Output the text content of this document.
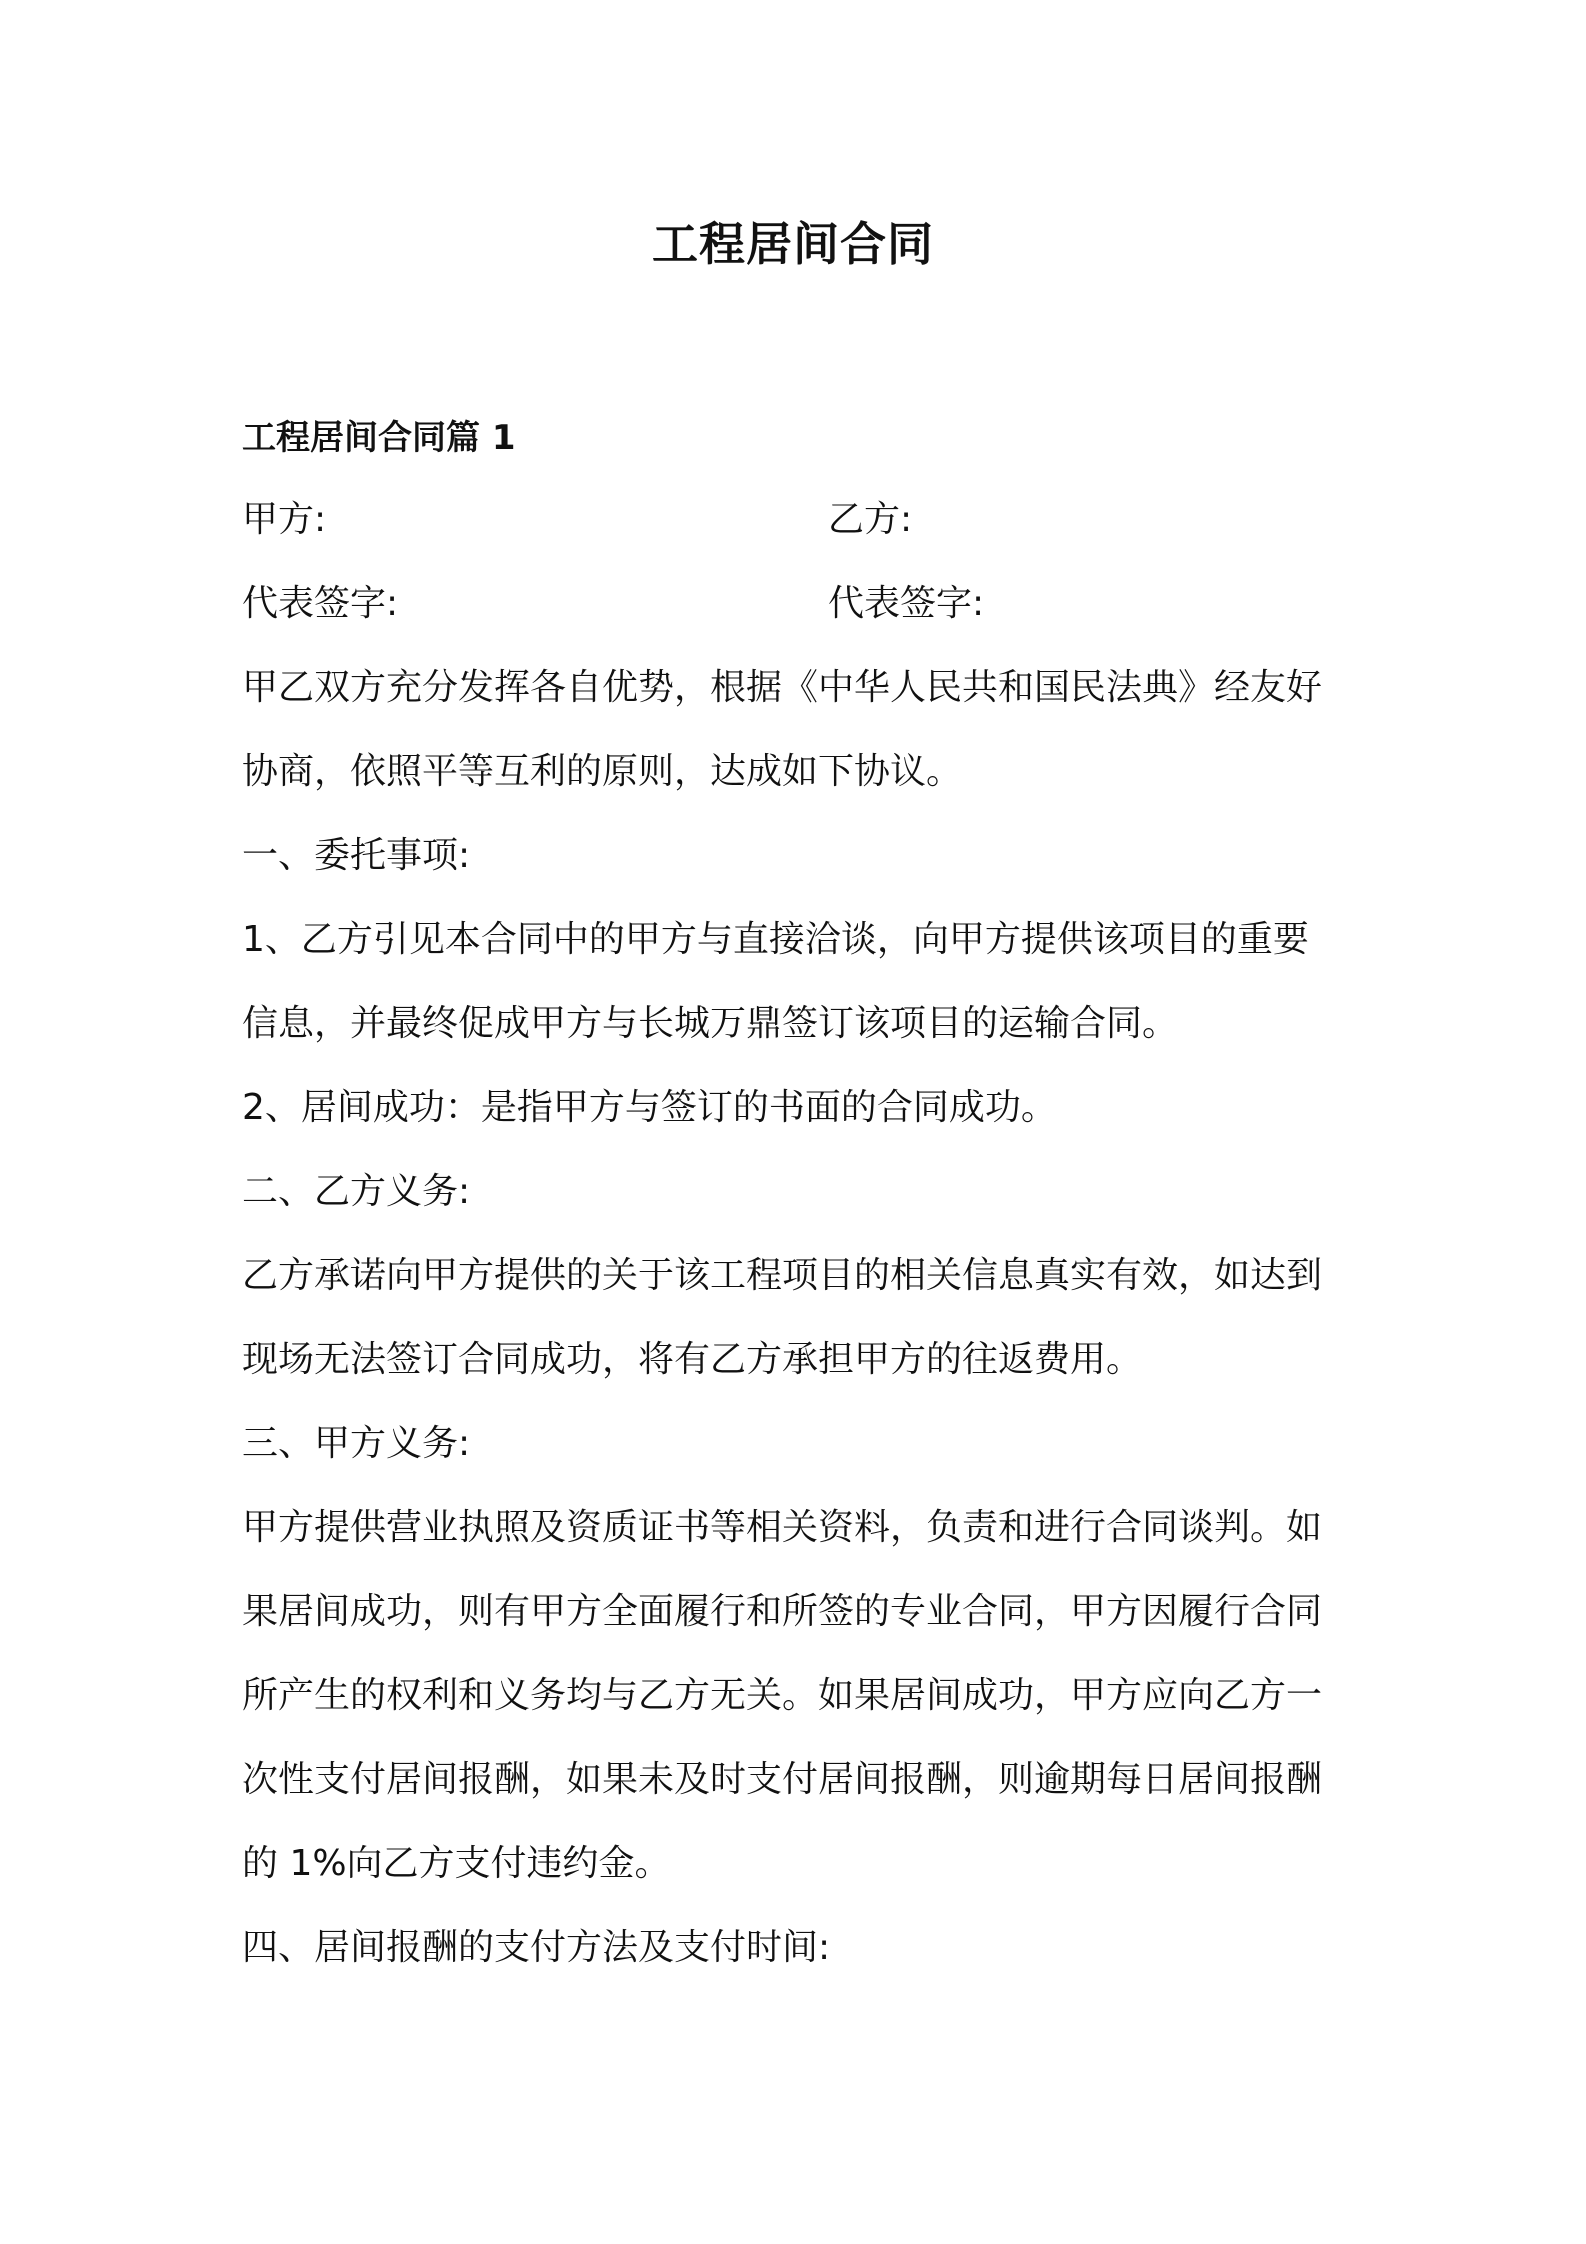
工程居间合同
工程居间合同篇 1
甲方:	乙方:
代表签字:	代表签字:
甲乙双方充分发挥各自优势，根据《中华人民共和国民法典》经友好
协商，依照平等互利的原则，达成如下协议。
一、委托事项:
1、乙方引见本合同中的甲方与直接洽谈，向甲方提供该项目的重要
信息，并最终促成甲方与长城万鼎签订该项目的运输合同。
2、居间成功：是指甲方与签订的书面的合同成功。
二、乙方义务:
乙方承诺向甲方提供的关于该工程项目的相关信息真实有效，如达到
现场无法签订合同成功，将有乙方承担甲方的往返费用。
三、甲方义务:
甲方提供营业执照及资质证书等相关资料，负责和进行合同谈判。如
果居间成功，则有甲方全面履行和所签的专业合同，甲方因履行合同
所产生的权利和义务均与乙方无关。如果居间成功，甲方应向乙方一
次性支付居间报酬，如果未及时支付居间报酬，则逾期每日居间报酬
的 1%向乙方支付违约金。
四、居间报酬的支付方法及支付时间:
